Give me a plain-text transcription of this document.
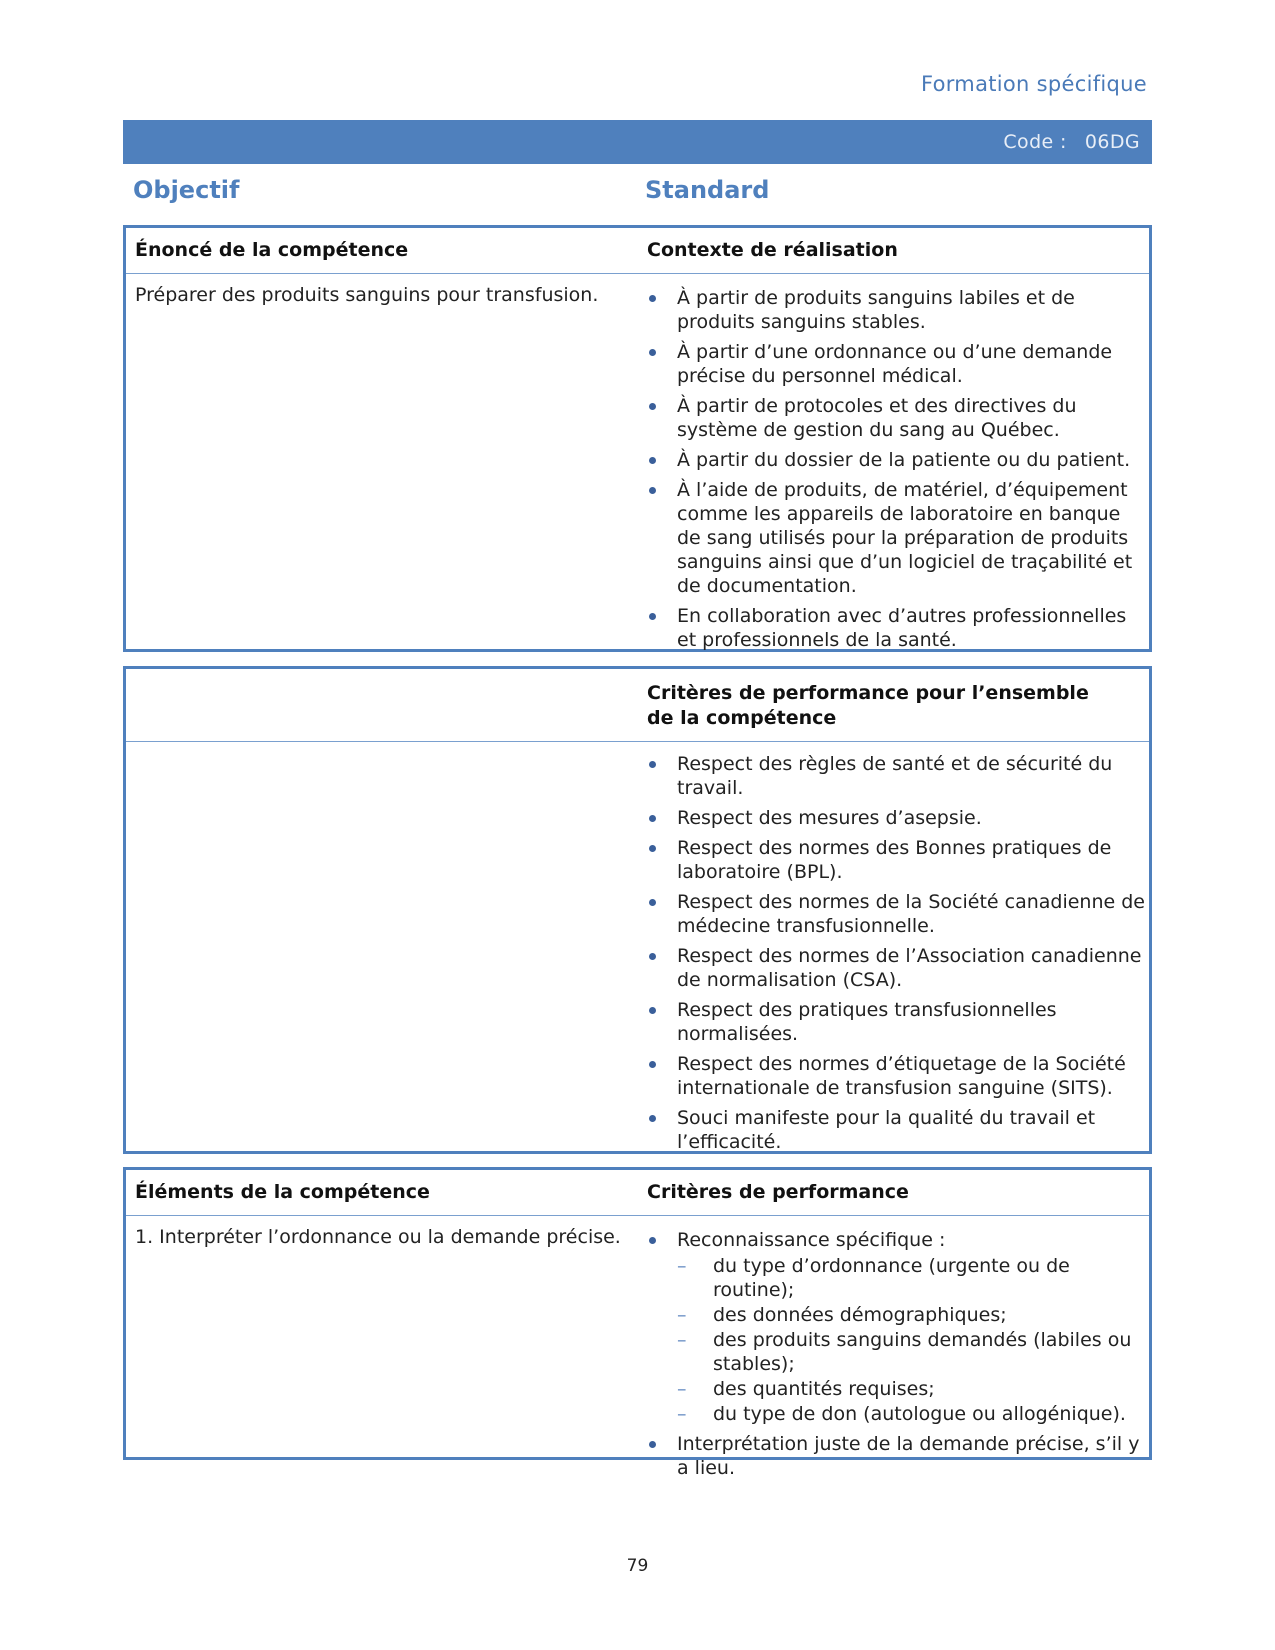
Formation spécifique
Code : 06DG
Objectif	Standard
Énoncé de la compétence	Contexte de réalisation
Préparer des produits sanguins pour transfusion.	À partir de produits sanguins labiles et de produits sanguins stables.
À partir d’une ordonnance ou d’une demande précise du personnel médical.
À partir de protocoles et des directives du système de gestion du sang au Québec.
À partir du dossier de la patiente ou du patient.
À l’aide de produits, de matériel, d’équipement comme les appareils de laboratoire en banque de sang utilisés pour la préparation de produits sanguins ainsi que d’un logiciel de traçabilité et de documentation.
En collaboration avec d’autres professionnelles et professionnels de la santé.
Critères de performance pour l’ensemble
de la compétence
Respect des règles de santé et de sécurité du travail.
Respect des mesures d’asepsie.
Respect des normes des Bonnes pratiques de laboratoire (BPL).
Respect des normes de la Société canadienne de médecine transfusionnelle.
Respect des normes de l’Association canadienne de normalisation (CSA).
Respect des pratiques transfusionnelles normalisées.
Respect des normes d’étiquetage de la Société internationale de transfusion sanguine (SITS).
Souci manifeste pour la qualité du travail et l’efficacité.
Éléments de la compétence	Critères de performance
1. Interpréter l’ordonnance ou la demande précise.	Reconnaissance spécifique :
– du type d’ordonnance (urgente ou de routine);
– des données démographiques;
– des produits sanguins demandés (labiles ou stables);
– des quantités requises;
– du type de don (autologue ou allogénique).
Interprétation juste de la demande précise, s’il y a lieu.
79
